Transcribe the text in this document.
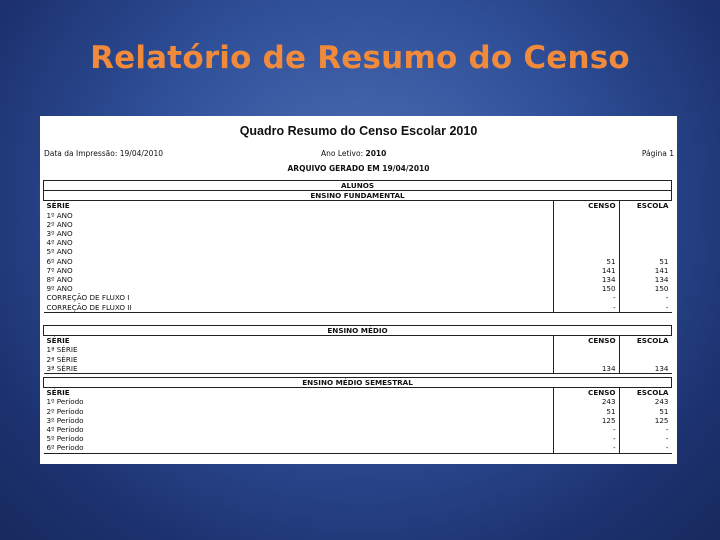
Relatório de Resumo do Censo
Quadro Resumo do Censo Escolar 2010
Data da Impressão: 19/04/2010	Ano Letivo: 2010	Página 1
ARQUIVO GERADO EM 19/04/2010
ALUNOS		
ENSINO FUNDAMENTAL		
SÉRIE	CENSO	ESCOLA
1º ANO		
2º ANO		
3º ANO		
4º ANO		
5º ANO		
6º ANO	51	51
7º ANO	141	141
8º ANO	134	134
9º ANO	150	150
CORREÇÃO DE FLUXO I	-	-
CORREÇÃO DE FLUXO II	-	-
ENSINO MÉDIO		
SÉRIE	CENSO	ESCOLA
1ª SÉRIE		
2ª SÉRIE		
3ª SÉRIE	134	134
ENSINO MÉDIO SEMESTRAL		
SÉRIE	CENSO	ESCOLA
1º Período	243	243
2º Período	51	51
3º Período	125	125
4º Período	-	-
5º Período	-	-
6º Período	-	-
